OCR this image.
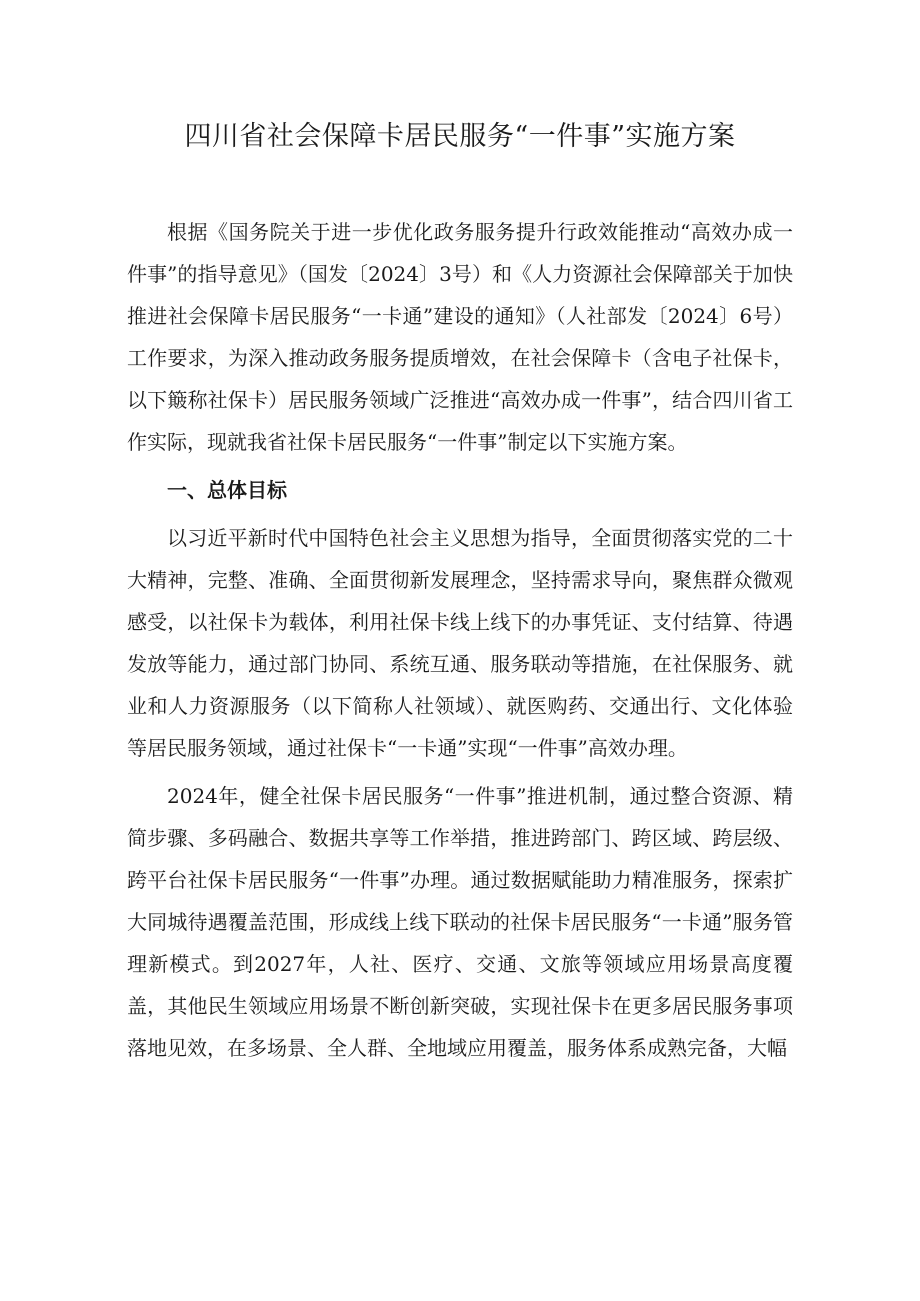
四川省社会保障卡居民服务“一件事”实施方案

根据《国务院关于进一步优化政务服务提升行政效能推动“高效办成一件事”的指导意见》（国发〔2024〕3号）和《人力资源社会保障部关于加快推进社会保障卡居民服务“一卡通”建设的通知》（人社部发〔2024〕6号）工作要求，为深入推动政务服务提质增效，在社会保障卡（含电子社保卡，以下簸称社保卡）居民服务领域广泛推进“高效办成一件事”，结合四川省工作实际，现就我省社保卡居民服务“一件事”制定以下实施方案。

一、总体目标

以习近平新时代中国特色社会主义思想为指导，全面贯彻落实党的二十大精神，完整、准确、全面贯彻新发展理念，坚持需求导向，聚焦群众微观感受，以社保卡为载体，利用社保卡线上线下的办事凭证、支付结算、待遇发放等能力，通过部门协同、系统互通、服务联动等措施，在社保服务、就业和人力资源服务（以下简称人社领域）、就医购药、交通出行、文化体验等居民服务领域，通过社保卡“一卡通”实现“一件事”高效办理。

2024年，健全社保卡居民服务“一件事”推进机制，通过整合资源、精简步骤、多码融合、数据共享等工作举措，推进跨部门、跨区域、跨层级、跨平台社保卡居民服务“一件事”办理。通过数据赋能助力精准服务，探索扩大同城待遇覆盖范围，形成线上线下联动的社保卡居民服务“一卡通”服务管理新模式。到2027年，人社、医疗、交通、文旅等领域应用场景高度覆盖，其他民生领域应用场景不断创新突破，实现社保卡在更多居民服务事项落地见效，在多场景、全人群、全地域应用覆盖，服务体系成熟完备，大幅
